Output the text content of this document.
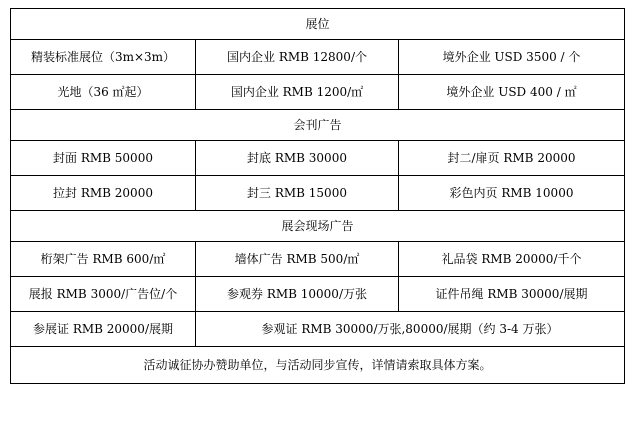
展位		
精装标准展位（3m×3m）	国内企业 RMB 12800/个	境外企业 USD 3500 / 个
光地（36 ㎡起）	国内企业 RMB 1200/㎡	境外企业 USD 400 / ㎡
会刊广告		
封面 RMB 50000	封底 RMB 30000	封二/扉页 RMB 20000
拉封 RMB 20000	封三 RMB 15000	彩色内页 RMB 10000
展会现场广告		
桁架广告 RMB 600/㎡	墙体广告 RMB 500/㎡	礼品袋 RMB 20000/千个
展报 RMB 3000/广告位/个	参观券 RMB 10000/万张	证件吊绳 RMB 30000/展期
参展证 RMB 20000/展期	参观证 RMB 30000/万张,80000/展期（约 3-4 万张）	
活动诚征协办赞助单位，与活动同步宣传，详情请索取具体方案。		
